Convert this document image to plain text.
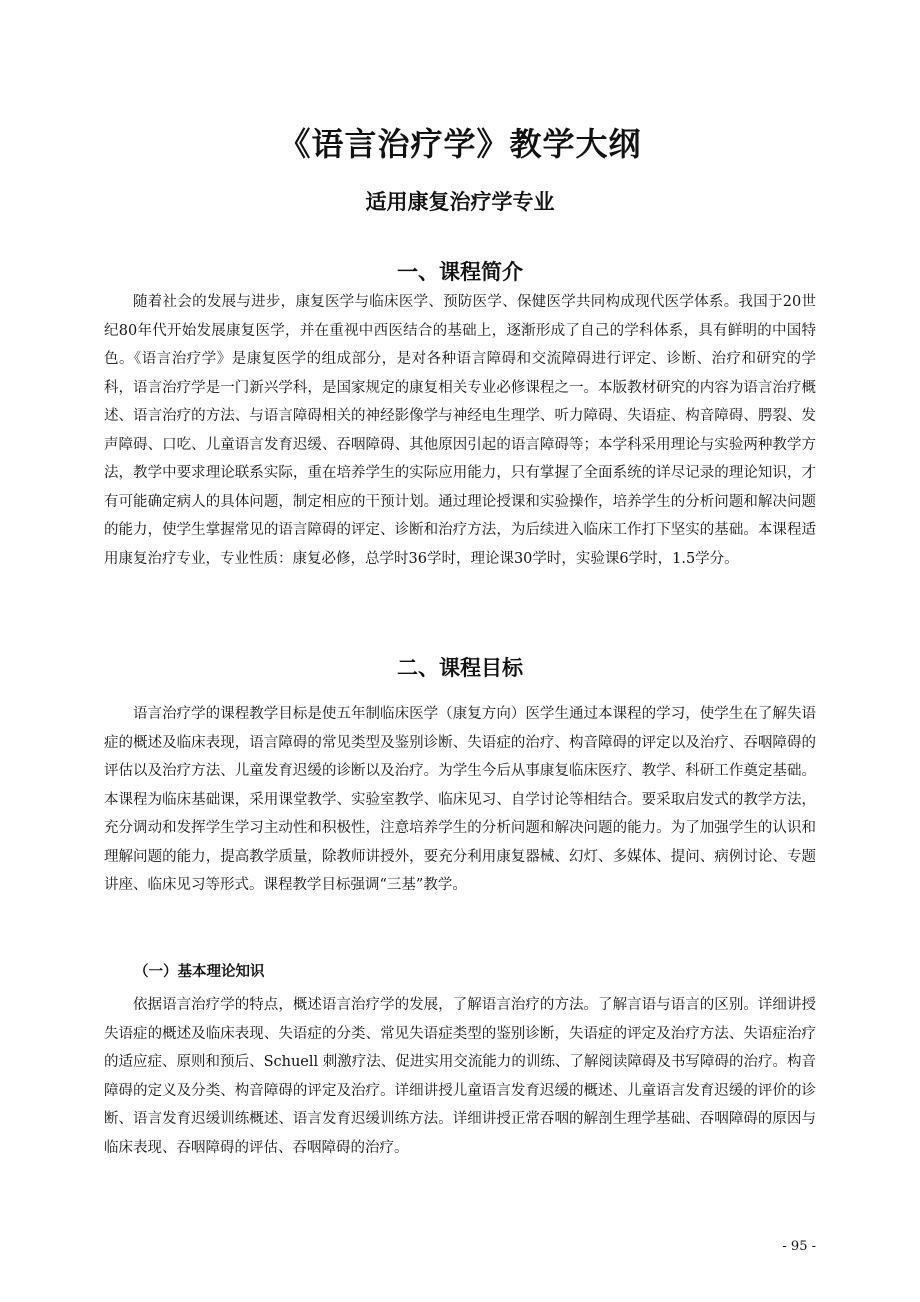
《语言治疗学》教学大纲
适用康复治疗学专业
一、课程简介

随着社会的发展与进步，康复医学与临床医学、预防医学、保健医学共同构成现代医学体系。我国于20世纪80年代开始发展康复医学，并在重视中西医结合的基础上，逐渐形成了自己的学科体系，具有鲜明的中国特色。《语言治疗学》是康复医学的组成部分，是对各种语言障碍和交流障碍进行评定、诊断、治疗和研究的学科，语言治疗学是一门新兴学科，是国家规定的康复相关专业必修课程之一。本版教材研究的内容为语言治疗概述、语言治疗的方法、与语言障碍相关的神经影像学与神经电生理学、听力障碍、失语症、构音障碍、腭裂、发声障碍、口吃、儿童语言发育迟缓、吞咽障碍、其他原因引起的语言障碍等；本学科采用理论与实验两种教学方法，教学中要求理论联系实际，重在培养学生的实际应用能力，只有掌握了全面系统的详尽记录的理论知识，才有可能确定病人的具体问题，制定相应的干预计划。通过理论授课和实验操作，培养学生的分析问题和解决问题的能力，使学生掌握常见的语言障碍的评定、诊断和治疗方法，为后续进入临床工作打下坚实的基础。本课程适用康复治疗专业，专业性质：康复必修，总学时36学时，理论课30学时，实验课6学时，1.5学分。

二、课程目标

语言治疗学的课程教学目标是使五年制临床医学（康复方向）医学生通过本课程的学习，使学生在了解失语症的概述及临床表现，语言障碍的常见类型及鉴别诊断、失语症的治疗、构音障碍的评定以及治疗、吞咽障碍的评估以及治疗方法、儿童发育迟缓的诊断以及治疗。为学生今后从事康复临床医疗、教学、科研工作奠定基础。本课程为临床基础课，采用课堂教学、实验室教学、临床见习、自学讨论等相结合。要采取启发式的教学方法，充分调动和发挥学生学习主动性和积极性，注意培养学生的分析问题和解决问题的能力。为了加强学生的认识和理解问题的能力，提高教学质量，除教师讲授外，要充分利用康复器械、幻灯、多媒体、提问、病例讨论、专题讲座、临床见习等形式。课程教学目标强调“三基”教学。

（一）基本理论知识

依据语言治疗学的特点，概述语言治疗学的发展，了解语言治疗的方法。了解言语与语言的区别。详细讲授失语症的概述及临床表现、失语症的分类、常见失语症类型的鉴别诊断，失语症的评定及治疗方法、失语症治疗的适应症、原则和预后、Schuell 刺激疗法、促进实用交流能力的训练、了解阅读障碍及书写障碍的治疗。构音障碍的定义及分类、构音障碍的评定及治疗。详细讲授儿童语言发育迟缓的概述、儿童语言发育迟缓的评价的诊断、语言发育迟缓训练概述、语言发育迟缓训练方法。详细讲授正常吞咽的解剖生理学基础、吞咽障碍的原因与临床表现、吞咽障碍的评估、吞咽障碍的治疗。

- 95 -
